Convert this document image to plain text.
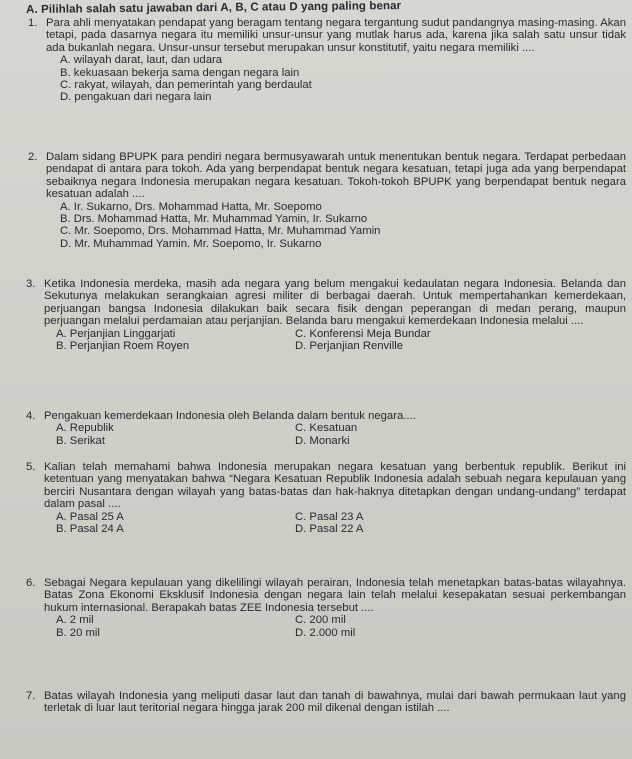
A. Pilihlah salah satu jawaban dari A, B, C atau D yang paling benar
1. Para ahli menyatakan pendapat yang beragam tentang negara tergantung sudut pandangnya masing-masing. Akan tetapi, pada dasarnya negara itu memiliki unsur-unsur yang mutlak harus ada, karena jika salah satu unsur tidak ada bukanlah negara. Unsur-unsur tersebut merupakan unsur konstitutif, yaitu negara memiliki ....
A. wilayah darat, laut, dan udara
B. kekuasaan bekerja sama dengan negara lain
C. rakyat, wilayah, dan pemerintah yang berdaulat
D. pengakuan dari negara lain
2. Dalam sidang BPUPK para pendiri negara bermusyawarah untuk menentukan bentuk negara. Terdapat perbedaan pendapat di antara para tokoh. Ada yang berpendapat bentuk negara kesatuan, tetapi juga ada yang berpendapat sebaiknya negara Indonesia merupakan negara kesatuan. Tokoh-tokoh BPUPK yang berpendapat bentuk negara kesatuan adalah ....
A. Ir. Sukarno, Drs. Mohammad Hatta, Mr. Soepomo
B. Drs. Mohammad Hatta, Mr. Muhammad Yamin, Ir. Sukarno
C. Mr. Soepomo, Drs. Mohammad Hatta, Mr. Muhammad Yamin
D. Mr. Muhammad Yamin. Mr. Soepomo, Ir. Sukarno
3. Ketika Indonesia merdeka, masih ada negara yang belum mengakui kedaulatan negara Indonesia. Belanda dan Sekutunya melakukan serangkaian agresi militer di berbagai daerah. Untuk mempertahankan kemerdekaan, perjuangan bangsa Indonesia dilakukan baik secara fisik dengan peperangan di medan perang, maupun perjuangan melalui perdamaian atau perjanjian. Belanda baru mengakui kemerdekaan Indonesia melalui ....
A. Perjanjian Linggarjati	C. Konferensi Meja Bundar
B. Perjanjian Roem Royen	D. Perjanjian Renville
4. Pengakuan kemerdekaan Indonesia oleh Belanda dalam bentuk negara....
A. Republik	C. Kesatuan
B. Serikat	D. Monarki
5. Kalian telah memahami bahwa Indonesia merupakan negara kesatuan yang berbentuk republik. Berikut ini ketentuan yang menyatakan bahwa “Negara Kesatuan Republik Indonesia adalah sebuah negara kepulauan yang berciri Nusantara dengan wilayah yang batas-batas dan hak-haknya ditetapkan dengan undang-undang” terdapat dalam pasal ....
A. Pasal 25 A	C. Pasal 23 A
B. Pasal 24 A	D. Pasal 22 A
6. Sebagai Negara kepulauan yang dikelilingi wilayah perairan, Indonesia telah menetapkan batas-batas wilayahnya. Batas Zona Ekonomi Eksklusif Indonesia dengan negara lain telah melalui kesepakatan sesuai perkembangan hukum internasional. Berapakah batas ZEE Indonesia tersebut ....
A. 2 mil	C. 200 mil
B. 20 mil	D. 2.000 mil
7. Batas wilayah Indonesia yang meliputi dasar laut dan tanah di bawahnya, mulai dari bawah permukaan laut yang terletak di luar laut teritorial negara hingga jarak 200 mil dikenal dengan istilah ....
